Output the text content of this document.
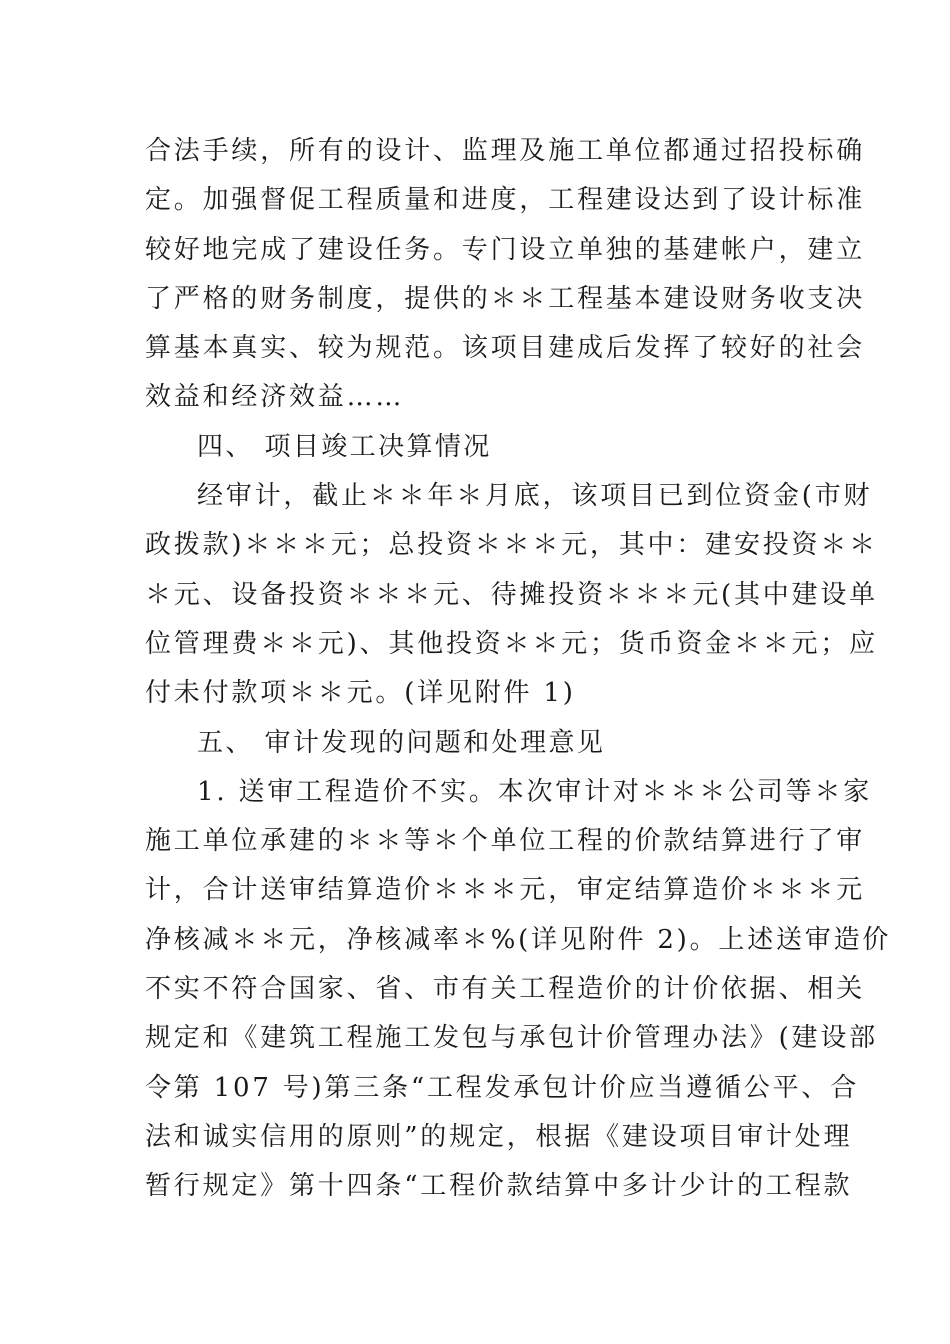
合法手续，所有的设计、监理及施工单位都通过招投标确
定。加强督促工程质量和进度，工程建设达到了设计标准
较好地完成了建设任务。专门设立单独的基建帐户，建立
了严格的财务制度，提供的＊＊工程基本建设财务收支决
算基本真实、较为规范。该项目建成后发挥了较好的社会
效益和经济效益……
四、 项目竣工决算情况
经审计，截止＊＊年＊月底，该项目已到位资金(市财
政拨款)＊＊＊元；总投资＊＊＊元，其中：建安投资＊＊
＊元、设备投资＊＊＊元、待摊投资＊＊＊元(其中建设单
位管理费＊＊元)、其他投资＊＊元；货币资金＊＊元；应
付未付款项＊＊元。(详见附件 1)
五、 审计发现的问题和处理意见
1. 送审工程造价不实。本次审计对＊＊＊公司等＊家
施工单位承建的＊＊等＊个单位工程的价款结算进行了审
计，合计送审结算造价＊＊＊元，审定结算造价＊＊＊元
净核减＊＊元，净核减率＊%(详见附件 2)。上述送审造价
不实不符合国家、省、市有关工程造价的计价依据、相关
规定和《建筑工程施工发包与承包计价管理办法》(建设部
令第 107 号)第三条“工程发承包计价应当遵循公平、合
法和诚实信用的原则”的规定，根据《建设项目审计处理
暂行规定》第十四条“工程价款结算中多计少计的工程款
